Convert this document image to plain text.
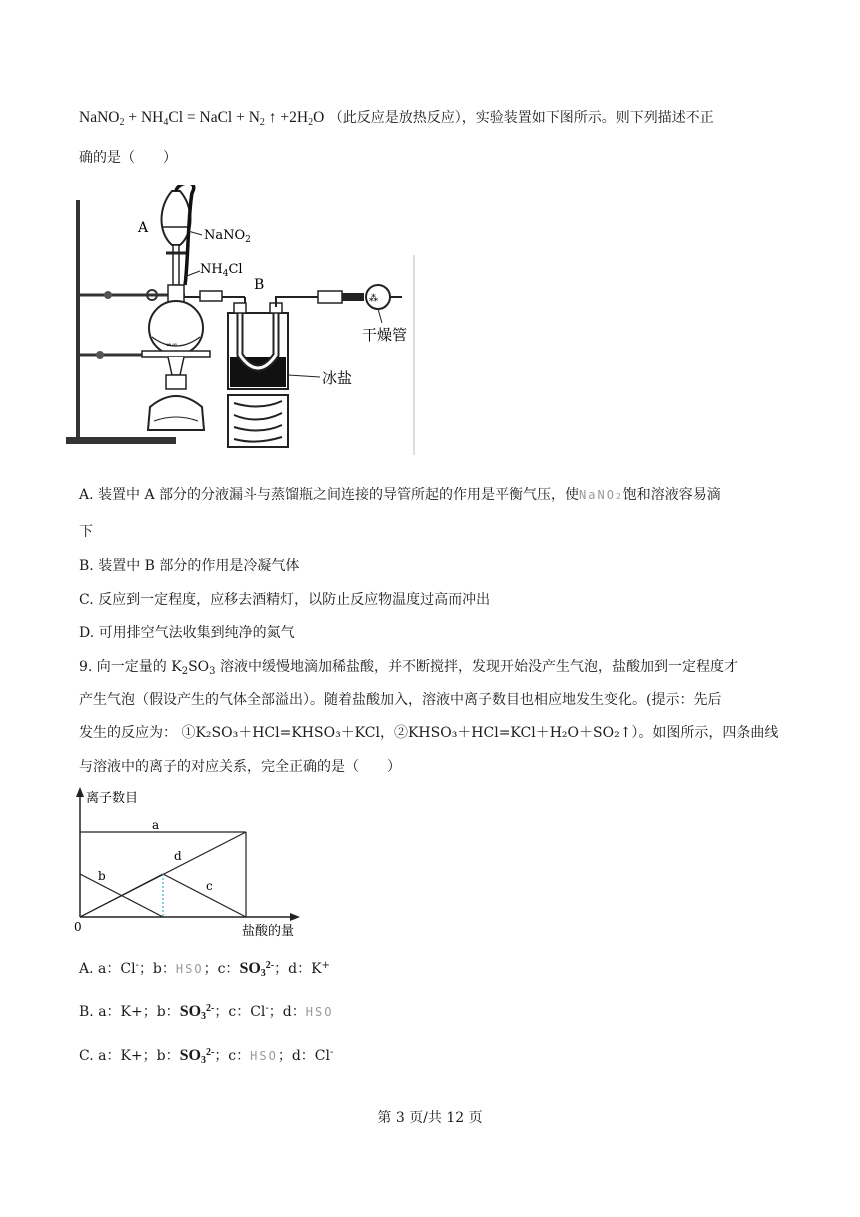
NaNO$_2$ + $NH_4Cl$ = NaCl + $N_2$ ↑ $+2H_2O$ （此反应是放热反应），实验装置如下图所示。则下列描述不正
确的是（　　）
∞∞
⁂
A	NaNO$_2$
$NH_4Cl$
B
干燥管
冰盐
A. 装置中 A 部分的分液漏斗与蒸馏瓶之间连接的导管所起的作用是平衡气压，使NaNO2饱和溶液容易滴
下
B. 装置中 B 部分的作用是冷凝气体
C. 反应到一定程度，应移去酒精灯，以防止反应物温度过高而冲出
D. 可用排空气法收集到纯净的氮气
9. 向一定量的 $K_2SO_3$ 溶液中缓慢地滴加稀盐酸，并不断搅拌，发现开始没产生气泡，盐酸加到一定程度才
产生气泡（假设产生的气体全部溢出）。随着盐酸加入，溶液中离子数目也相应地发生变化。(提示：先后
发生的反应为： ①K₂SO₃＋HCl=KHSO₃＋KCl，②KHSO₃＋HCl=KCl＋H₂O＋SO₂↑）。如图所示，四条曲线
与溶液中的离子的对应关系，完全正确的是（　　）
离子数目
盐酸的量
0
a
b
c
d
A. a：Cl-；b：HSO；c：$SO_3^{2-}$；d：K+
B. a：K+；b：$SO_3^{2-}$；c：Cl-；d：HSO
C. a：K+；b：$SO_3^{2-}$；c：HSO；d：Cl-
第 3 页/共 12 页
